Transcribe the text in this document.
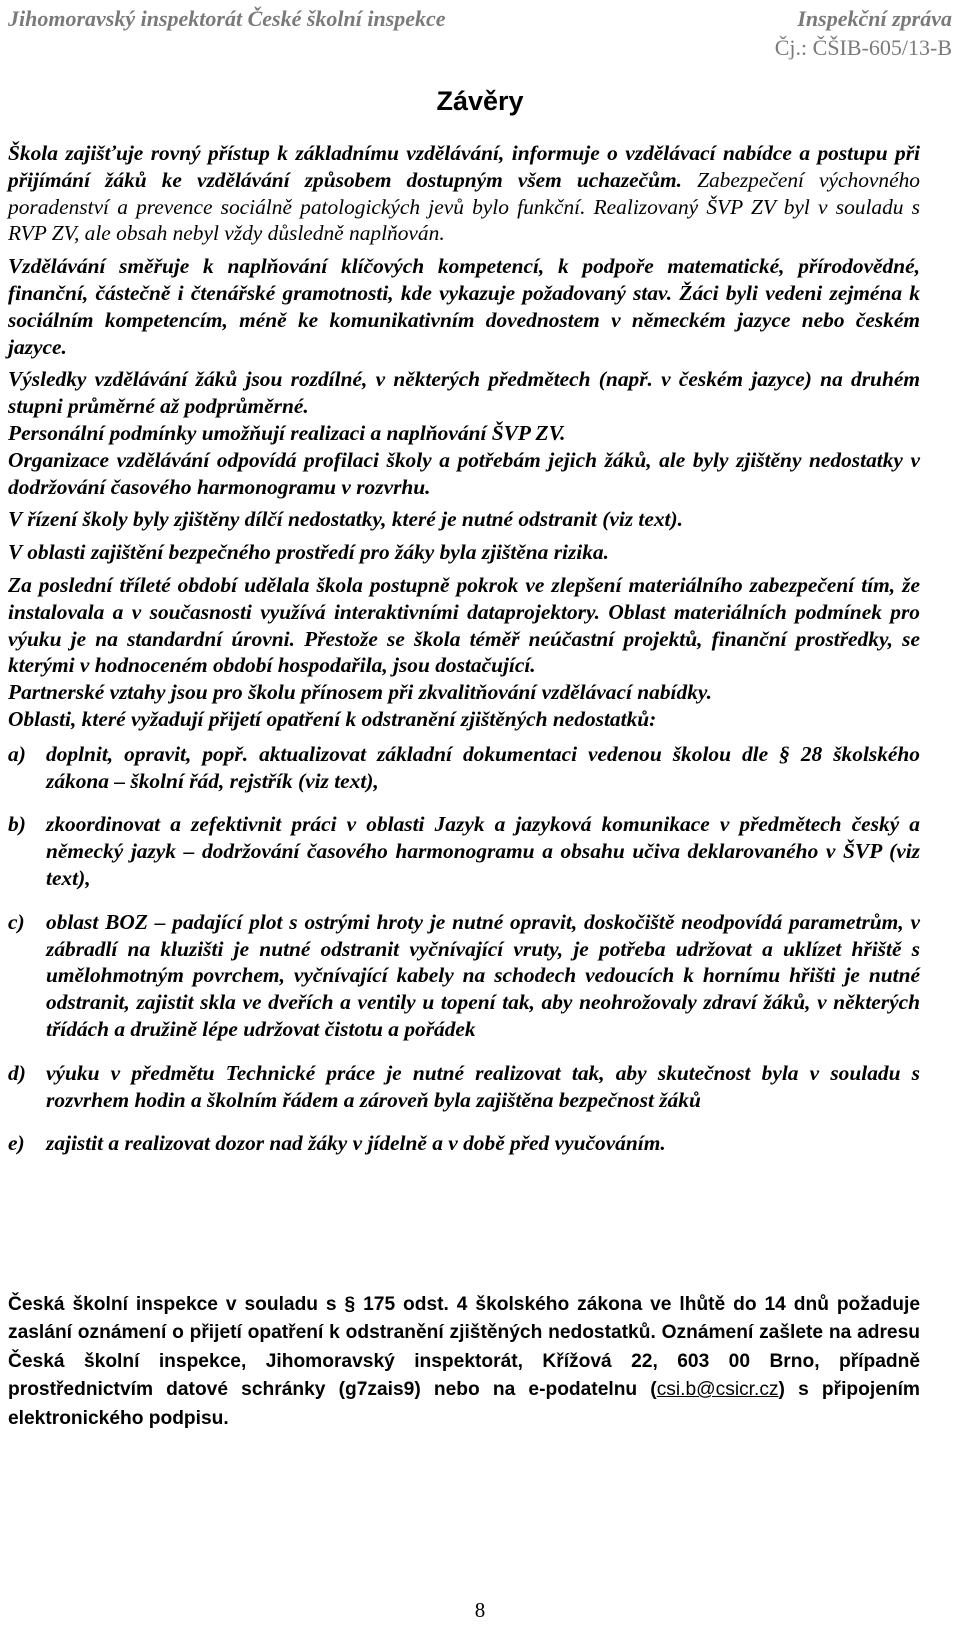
Jihomoravský inspektorát České školní inspekce	Inspekční zpráva
Čj.: ČŠIB-605/13-B
Závěry

Škola zajišťuje rovný přístup k základnímu vzdělávání, informuje o vzdělávací nabídce a postupu při přijímání žáků ke vzdělávání způsobem dostupným všem uchazečům. Zabezpečení výchovného poradenství a prevence sociálně patologických jevů bylo funkční. Realizovaný ŠVP ZV byl v souladu s RVP ZV, ale obsah nebyl vždy důsledně naplňován.

Vzdělávání směřuje k naplňování klíčových kompetencí, k podpoře matematické, přírodovědné, finanční, částečně i čtenářské gramotnosti, kde vykazuje požadovaný stav. Žáci byli vedeni zejména k sociálním kompetencím, méně ke komunikativním dovednostem v německém jazyce nebo českém jazyce.

Výsledky vzdělávání žáků jsou rozdílné, v některých předmětech (např. v českém jazyce) na druhém stupni průměrné až podprůměrné.

Personální podmínky umožňují realizaci a naplňování ŠVP ZV.

Organizace vzdělávání odpovídá profilaci školy a potřebám jejich žáků, ale byly zjištěny nedostatky v dodržování časového harmonogramu v rozvrhu.

V řízení školy byly zjištěny dílčí nedostatky, které je nutné odstranit (viz text).

V oblasti zajištění bezpečného prostředí pro žáky byla zjištěna rizika.

Za poslední tříleté období udělala škola postupně pokrok ve zlepšení materiálního zabezpečení tím, že instalovala a v současnosti využívá interaktivními dataprojektory. Oblast materiálních podmínek pro výuku je na standardní úrovni. Přestože se škola téměř neúčastní projektů, finanční prostředky, se kterými v hodnoceném období hospodařila, jsou dostačující.

Partnerské vztahy jsou pro školu přínosem při zkvalitňování vzdělávací nabídky.

Oblasti, které vyžadují přijetí opatření k odstranění zjištěných nedostatků:

a) doplnit, opravit, popř. aktualizovat základní dokumentaci vedenou školou dle § 28 školského zákona – školní řád, rejstřík (viz text),
b) zkoordinovat a zefektivnit práci v oblasti Jazyk a jazyková komunikace v předmětech český a německý jazyk – dodržování časového harmonogramu a obsahu učiva deklarovaného v ŠVP (viz text),
c) oblast BOZ – padající plot s ostrými hroty je nutné opravit, doskočiště neodpovídá parametrům, v zábradlí na kluzišti je nutné odstranit vyčnívající vruty, je potřeba udržovat a uklízet hřiště s umělohmotným povrchem, vyčnívající kabely na schodech vedoucích k hornímu hřišti je nutné odstranit, zajistit skla ve dveřích a ventily u topení tak, aby neohrožovaly zdraví žáků, v některých třídách a družině lépe udržovat čistotu a pořádek
d) výuku v předmětu Technické práce je nutné realizovat tak, aby skutečnost byla v souladu s rozvrhem hodin a školním řádem a zároveň byla zajištěna bezpečnost žáků
e) zajistit a realizovat dozor nad žáky v jídelně a v době před vyučováním.
Česká školní inspekce v souladu s § 175 odst. 4 školského zákona ve lhůtě do 14 dnů požaduje zaslání oznámení o přijetí opatření k odstranění zjištěných nedostatků. Oznámení zašlete na adresu Česká školní inspekce, Jihomoravský inspektorát, Křížová 22, 603 00 Brno, případně prostřednictvím datové schránky (g7zais9) nebo na e-podatelnu (csi.b@csicr.cz) s připojením elektronického podpisu.
8
